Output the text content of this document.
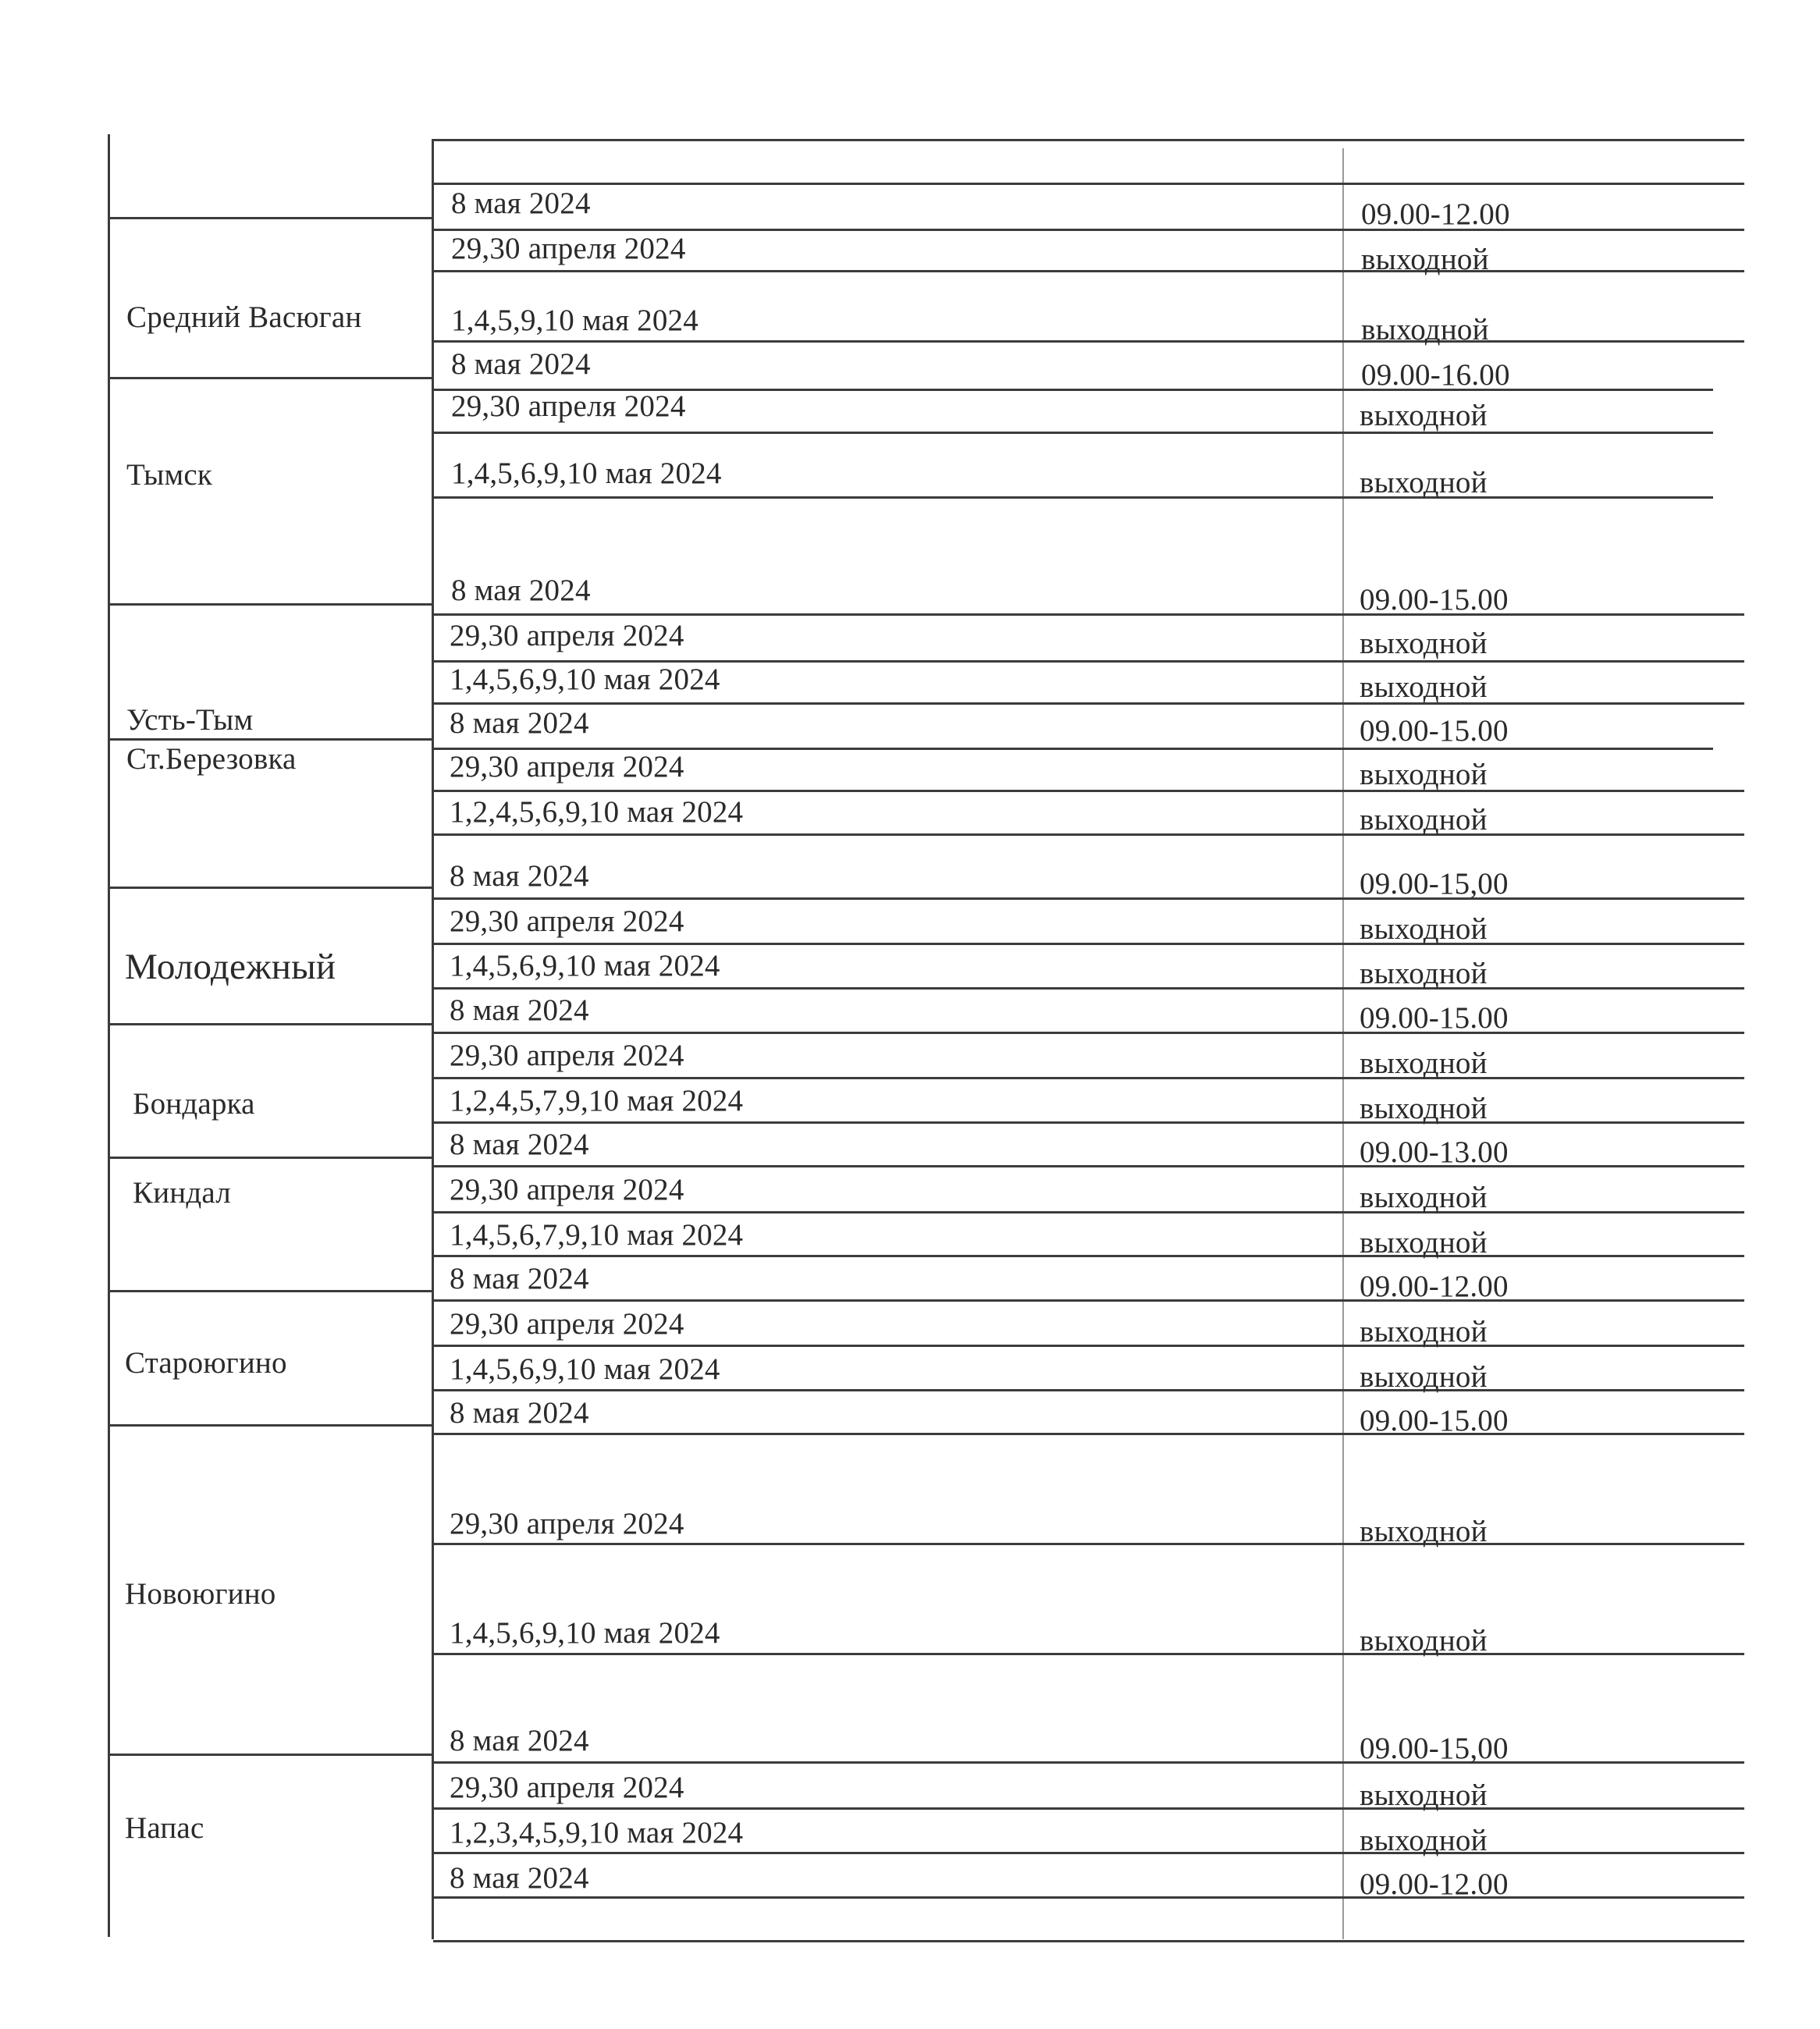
Средний Васюган
Тымск
Усть-Тым
Ст.Березовка
Молодежный
Бондарка
Киндал
Староюгино
Новоюгино
Напас
8 мая 2024
29,30 апреля 2024
1,4,5,9,10 мая 2024
8 мая 2024
29,30 апреля 2024
1,4,5,6,9,10 мая 2024
8 мая 2024
29,30 апреля 2024
1,4,5,6,9,10 мая 2024
8 мая 2024
29,30 апреля 2024
1,2,4,5,6,9,10 мая 2024
8 мая 2024
29,30 апреля 2024
1,4,5,6,9,10 мая 2024
8 мая 2024
29,30 апреля 2024
1,2,4,5,7,9,10 мая 2024
8 мая 2024
29,30 апреля 2024
1,4,5,6,7,9,10 мая 2024
8 мая 2024
29,30 апреля 2024
1,4,5,6,9,10 мая 2024
8 мая 2024
29,30 апреля 2024
1,4,5,6,9,10 мая 2024
8 мая 2024
29,30 апреля 2024
1,2,3,4,5,9,10 мая 2024
8 мая 2024
09.00-12.00
выходной
выходной
09.00-16.00
выходной
выходной
09.00-15.00
выходной
выходной
09.00-15.00
выходной
выходной
09.00-15,00
выходной
выходной
09.00-15.00
выходной
выходной
09.00-13.00
выходной
выходной
09.00-12.00
выходной
выходной
09.00-15.00
выходной
выходной
09.00-15,00
выходной
выходной
09.00-12.00
